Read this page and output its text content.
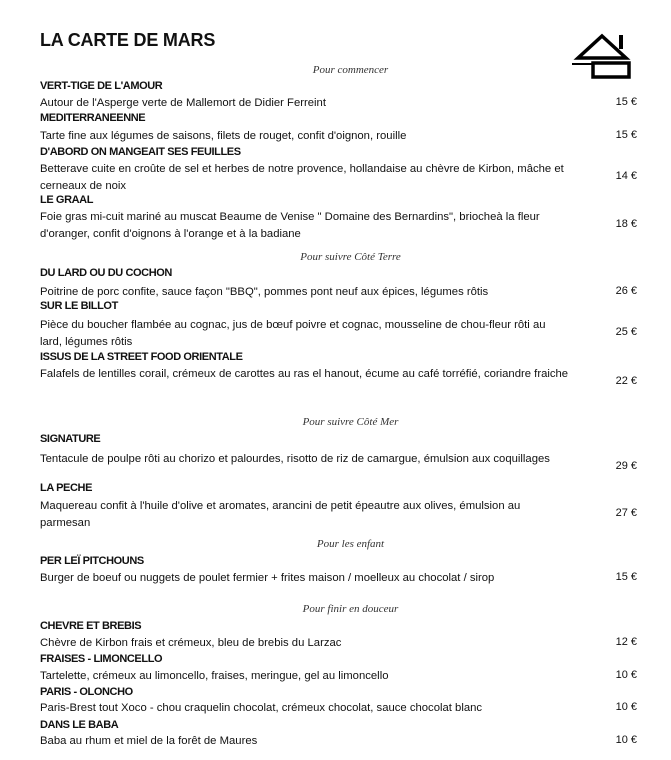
LA CARTE DE MARS
Pour commencer
VERT-TIGE DE L'AMOUR
Autour de l'Asperge verte de Mallemort de Didier Ferreint	15 €
MEDITERRANEENNE
Tarte fine aux légumes de saisons, filets de rouget, confit d'oignon, rouille	15 €
D'ABORD ON MANGEAIT SES FEUILLES
Betterave cuite en croûte de sel et herbes de notre provence, hollandaise au chèvre de Kirbon, mâche et cerneaux de noix
14 €
LE GRAAL
Foie gras mi-cuit mariné au muscat Beaume de Venise " Domaine des Bernardins", briocheà la fleur d'oranger, confit d'oignons à l'orange et à la badiane
18 €
Pour suivre Côté Terre
DU LARD OU DU COCHON
Poitrine de porc confite, sauce façon "BBQ", pommes pont neuf aux épices, légumes rôtis	26 €
SUR LE BILLOT
Pièce du boucher flambée au cognac, jus de bœuf poivre et cognac, mousseline de chou-fleur rôti au lard, légumes rôtis
25 €
ISSUS DE LA STREET FOOD ORIENTALE
Falafels de lentilles corail, crémeux de carottes au ras el hanout, écume au café torréfié, coriandre fraiche
22 €
Pour suivre Côté Mer
SIGNATURE
Tentacule de poulpe rôti au chorizo et palourdes, risotto de riz de camargue, émulsion aux coquillages
29 €
LA PECHE
Maquereau confit à l'huile d'olive et aromates, arancini de petit épeautre aux olives, émulsion au parmesan
27 €
Pour les enfant
PER LEÏ PITCHOUNS
Burger de boeuf ou nuggets de poulet fermier + frites maison / moelleux au chocolat / sirop	15 €
Pour finir en douceur
CHEVRE ET BREBIS
Chèvre de Kirbon frais et crémeux, bleu de brebis du Larzac	12 €
FRAISES - LIMONCELLO
Tartelette, crémeux au limoncello, fraises, meringue, gel au limoncello	10 €
PARIS - OLONCHO
Paris-Brest tout Xoco - chou craquelin chocolat, crémeux chocolat, sauce chocolat blanc	10 €
DANS LE BABA
Baba au rhum et miel de la forêt de Maures	10 €
